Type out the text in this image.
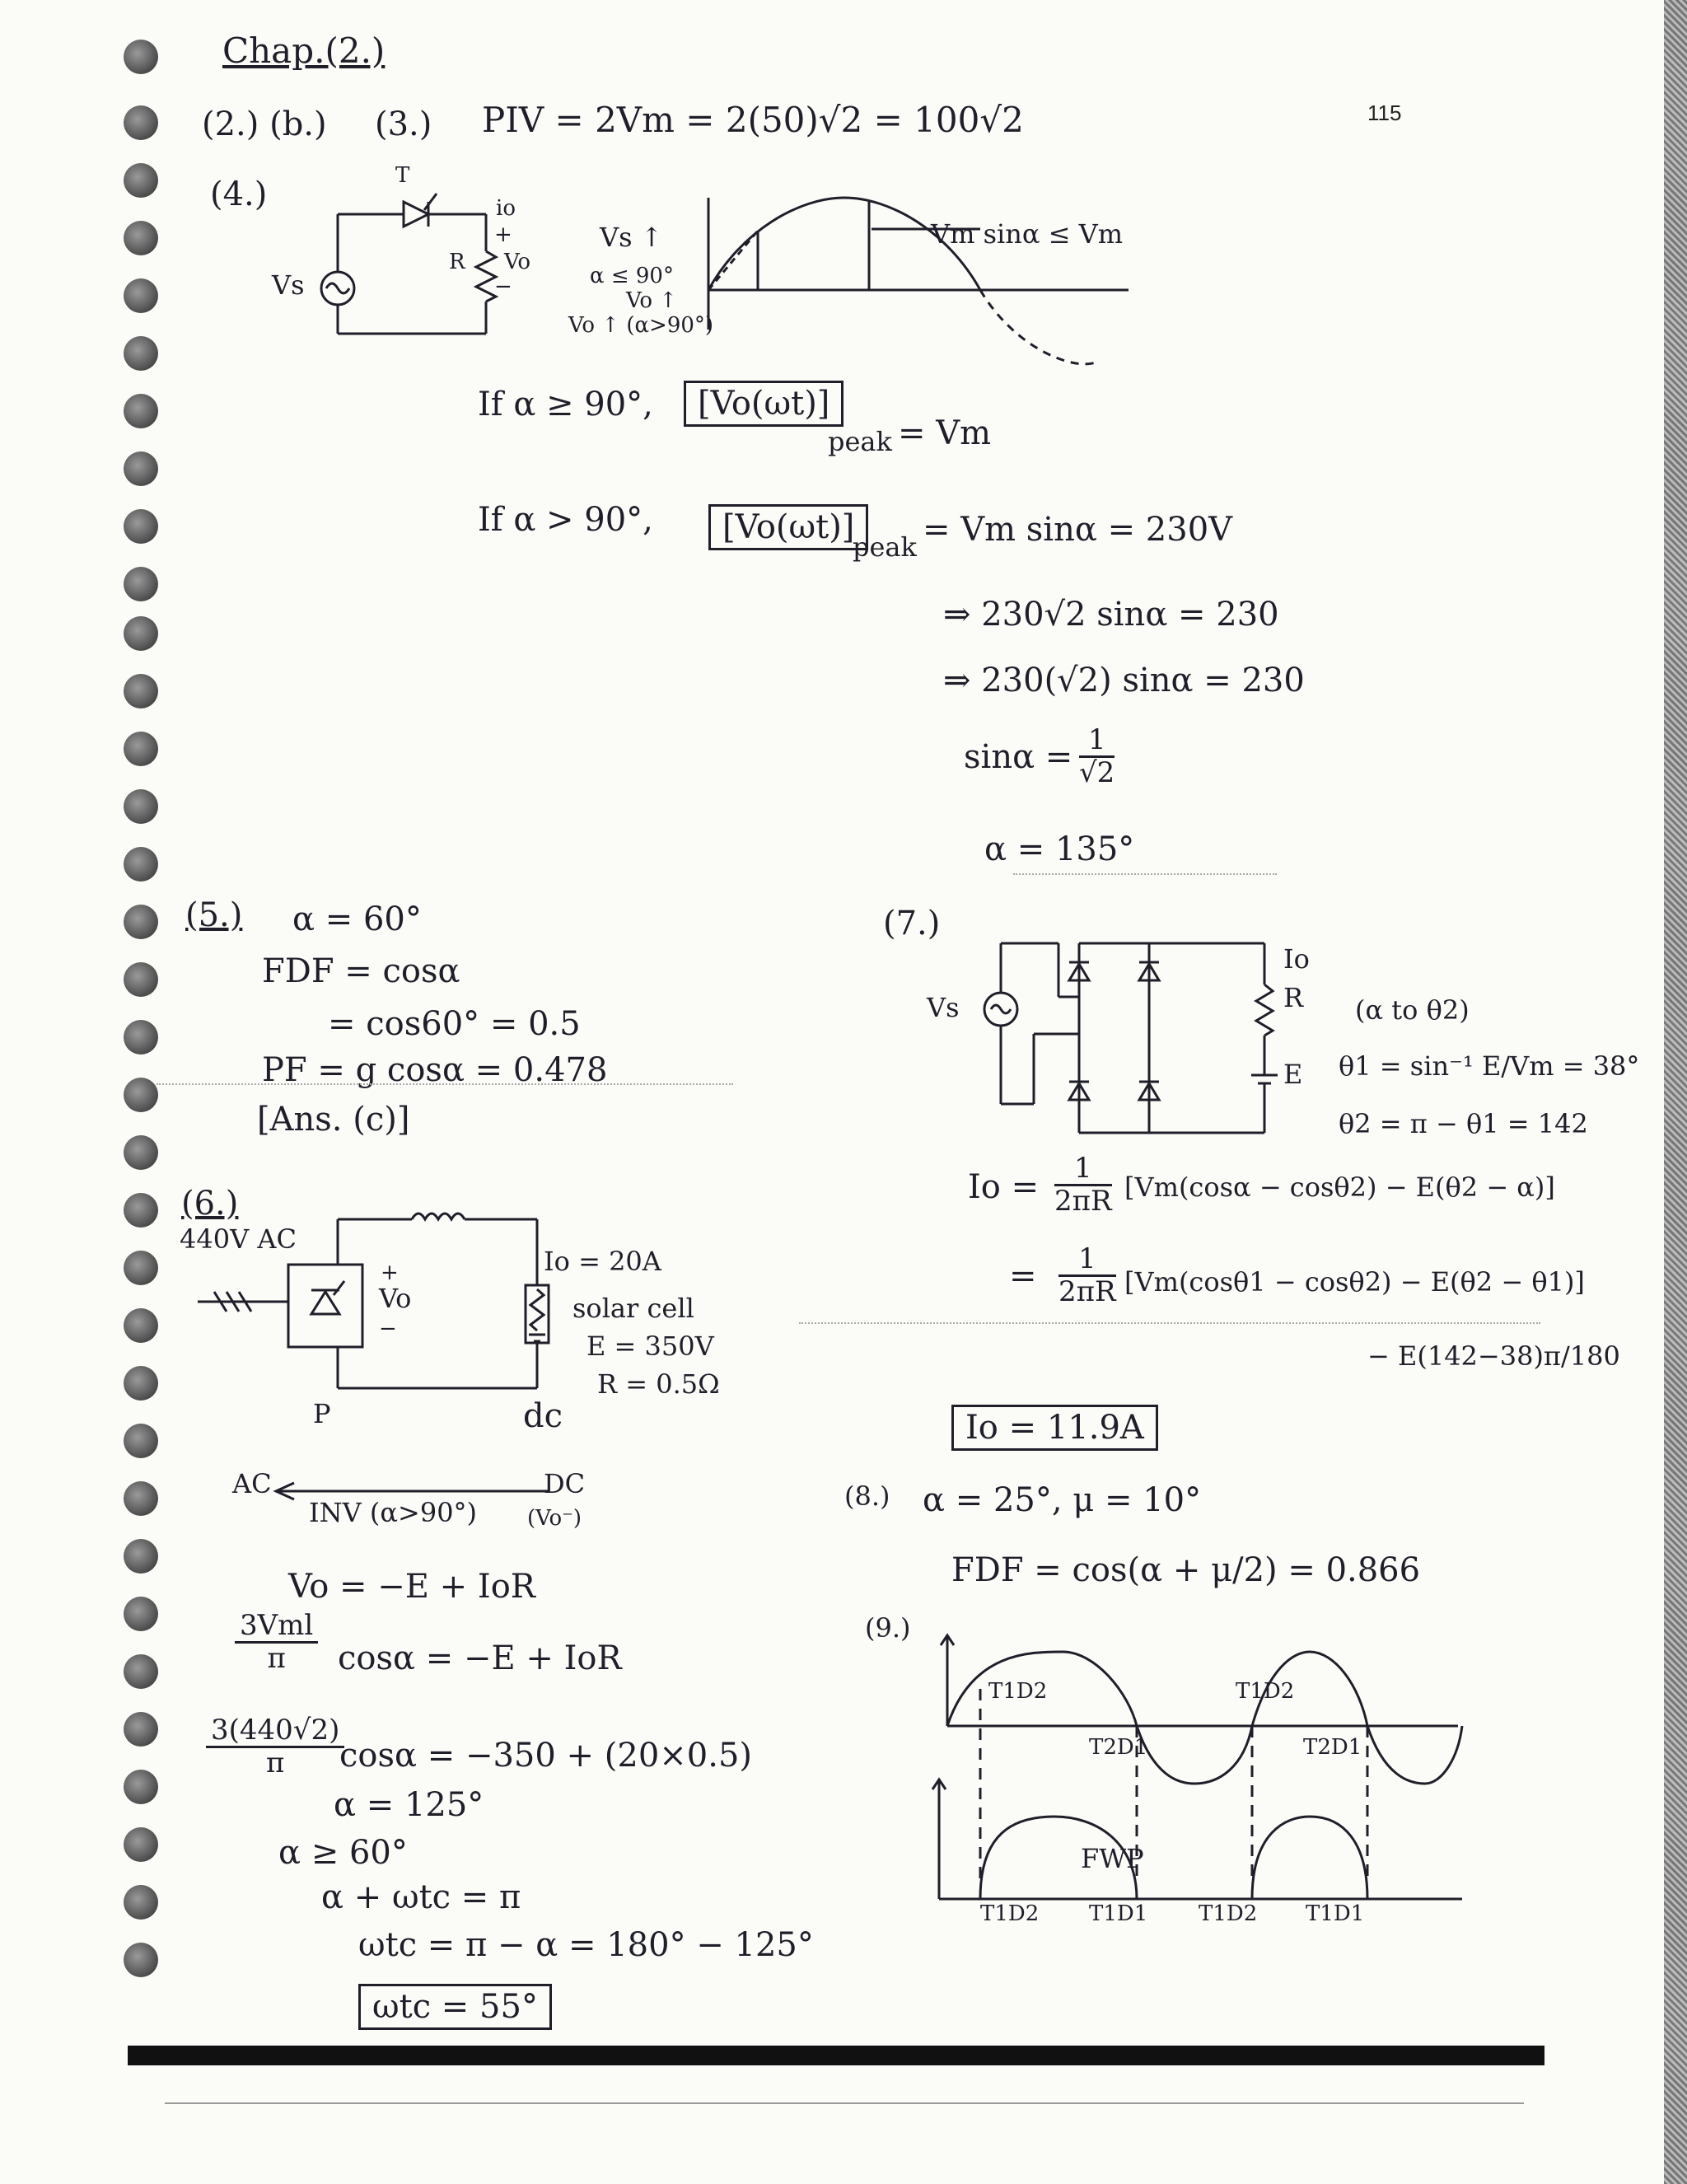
Chap.(2.)
115
(2.) (b.) (3.) PIV = 2Vm = 2(50)√2 = 100√2
(4.)	T
io
+
R Vo
−
Vs
Vs ↑
α ≤ 90°
Vo ↑
Vo ↑ (α>90°)
Vm sinα ≤ Vm
If α ≥ 90°,	[Vo(ωt)]
peak = Vm
If α > 90°,	[Vo(ωt)]
peak = Vm sinα = 230V
⇒ 230√2 sinα = 230
⇒ 230(√2) sinα = 230
$\sin\alpha = \frac{1}{√2}$
α = 135°
(5.) α = 60°
FDF = cosα
= cos60° = 0.5
PF = g cosα = 0.478
[Ans. (c)]
(6.)
440V AC
+
Vo
−
Io = 20A
solar cell
E = 350V
R = 0.5Ω
P	dc
AC	DC
INV (α>90°) (Vo⁻)
Vo = −E + IoR
3Vml
π	cosα = −E + IoR
$\frac{3(440√2)}{\pi}$
cosα = −350 + (20×0.5)
α = 125°
α ≥ 60°
α + ωtc = π
ωtc = π − α = 180° − 125°
ωtc = 55°
(7.)
Vs
Io
R
E
(α to θ2)
θ1 = sin⁻¹ E/Vm = 38°
θ2 = π − θ1 = 142
$Io = \frac{1}{2\pi R} [Vm(\cos\alpha - \cos\theta 2) - E(\theta 2 - \alpha)]$
= $\frac{1}{2\pi R} [Vm(\cos\theta 1 - \cos\theta 2) - E(\theta 2 - \theta 1)]$
− E(142−38)π/180
Io = 11.9A
(8.) α = 25°, μ = 10°
FDF = cos(α + μ/2) = 0.866
(9.)
T1D2
T2D1
T1D2
T2D1
FWP
T1D2 T1D1 T1D2 T1D1
